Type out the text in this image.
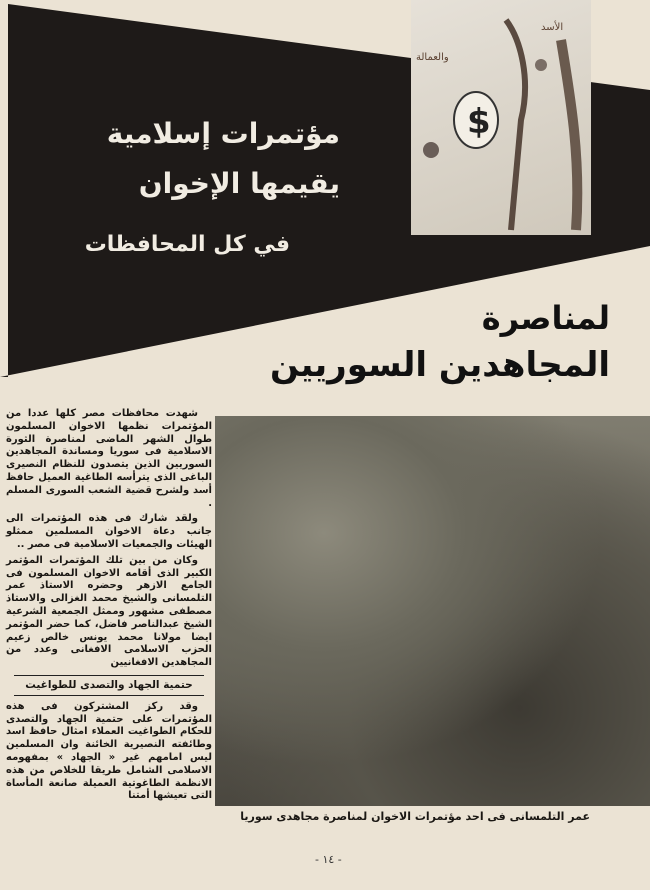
$
والعمالة
الأسد
مؤتمرات إسلامية
يقيمها الإخوان
في كل المحافظات
لمناصرة
المجاهدين السوريين

شهدت محافظات مصر كلها عددا من المؤتمرات نظمها الاخوان المسلمون طوال الشهر الماضى لمناصرة الثورة الاسلامية فى سوريا ومساندة المجاهدين السوريين الذين يتصدون للنظام النصيرى الباغى الذى يترأسه الطاغية العميل حافظ أسد ولشرح قضية الشعب السورى المسلم .

ولقد شارك فى هذه المؤتمرات الى جانب دعاة الاخوان المسلمين ممثلو الهيئات والجمعيات الاسلامية فى مصر ..

وكان من بين تلك المؤتمرات المؤتمر الكبير الذى أقامه الاخوان المسلمون فى الجامع الازهر وحضره الاستاذ عمر التلمسانى والشيخ محمد الغزالى والاستاذ مصطفى مشهور وممثل الجمعية الشرعية الشيخ عبدالناصر فاضل، كما حضر المؤتمر ايضا مولانا محمد يونس خالص زعيم الحزب الاسلامى الافغانى وعدد من المجاهدين الافغانيين

حتمية الجهاد والتصدى للطواغيت

وقد ركز المشتركون فى هذه المؤتمرات على حتمية الجهاد والتصدى للحكام الطواغيت العملاء امثال حافظ اسد وطائفته النصيرية الخائنة وان المسلمين ليس امامهم غير « الجهاد » بمفهومه الاسلامى الشامل طريقا للخلاص من هذه الانظمة الطاغوتية العميلة صانعة المأساة التى تعيشها أمتنا

عمر التلمسانى فى احد مؤتمرات الاخوان لمناصرة مجاهدى سوريا
- ١٤ -
